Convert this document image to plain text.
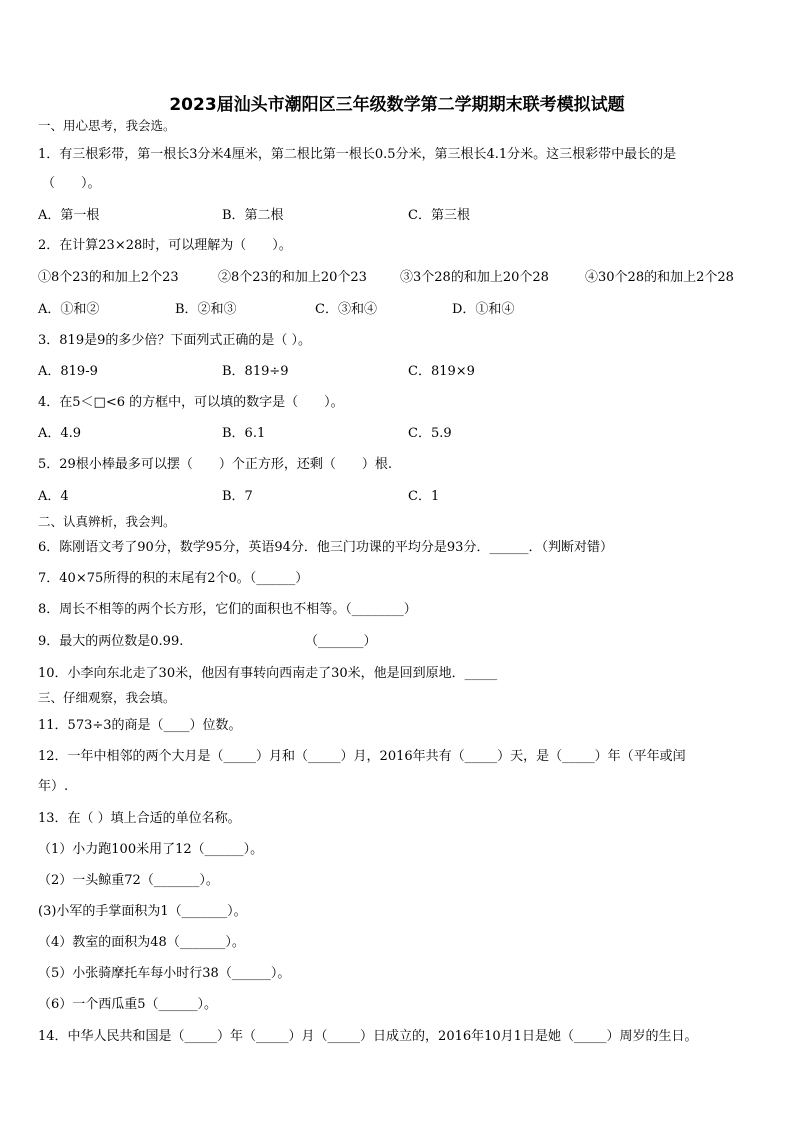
2023届汕头市潮阳区三年级数学第二学期期末联考模拟试题
一、用心思考，我会选。
1．有三根彩带，第一根长3分米4厘米，第二根比第一根长0.5分米，第三根长4.1分米。这三根彩带中最长的是
（　　）。
A．第一根	B．第二根	C．第三根
2．在计算23×28时，可以理解为（　　）。
①8个23的和加上2个23	②8个23的和加上20个23	③3个28的和加上20个28	④30个28的和加上2个28
A．①和②	B．②和③	C．③和④	D．①和④
3．819是9的多少倍？下面列式正确的是（ ）。
A．819-9	B．819÷9	C．819×9
4．在5＜□<6 的方框中，可以填的数字是（　　）。
A．4.9	B．6.1	C．5.9
5．29根小棒最多可以摆（　　）个正方形，还剩（　　）根.
A．4	B．7	C．1
二、认真辨析，我会判。
6．陈刚语文考了90分，数学95分，英语94分．他三门功课的平均分是93分．______．（判断对错）
7．40×75所得的积的末尾有2个0。（______）
8．周长不相等的两个长方形，它们的面积也不相等。（________）
9．最大的两位数是0.99.	（_______）
10．小李向东北走了30米，他因有事转向西南走了30米，他是回到原地．_____
三、仔细观察，我会填。
11．573÷3的商是（____）位数。
12．一年中相邻的两个大月是（_____）月和（_____）月，2016年共有（_____）天，是（_____）年（平年或闰
年）.
13．在（ ）填上合适的单位名称。
（1）小力跑100米用了12（______）。
（2）一头鲸重72（_______）。
(3)小军的手掌面积为1（_______）。
（4）教室的面积为48（_______）。
（5）小张骑摩托车每小时行38（______）。
（6）一个西瓜重5（______）。
14．中华人民共和国是（_____）年（_____）月（_____）日成立的，2016年10月1日是她（_____）周岁的生日。
